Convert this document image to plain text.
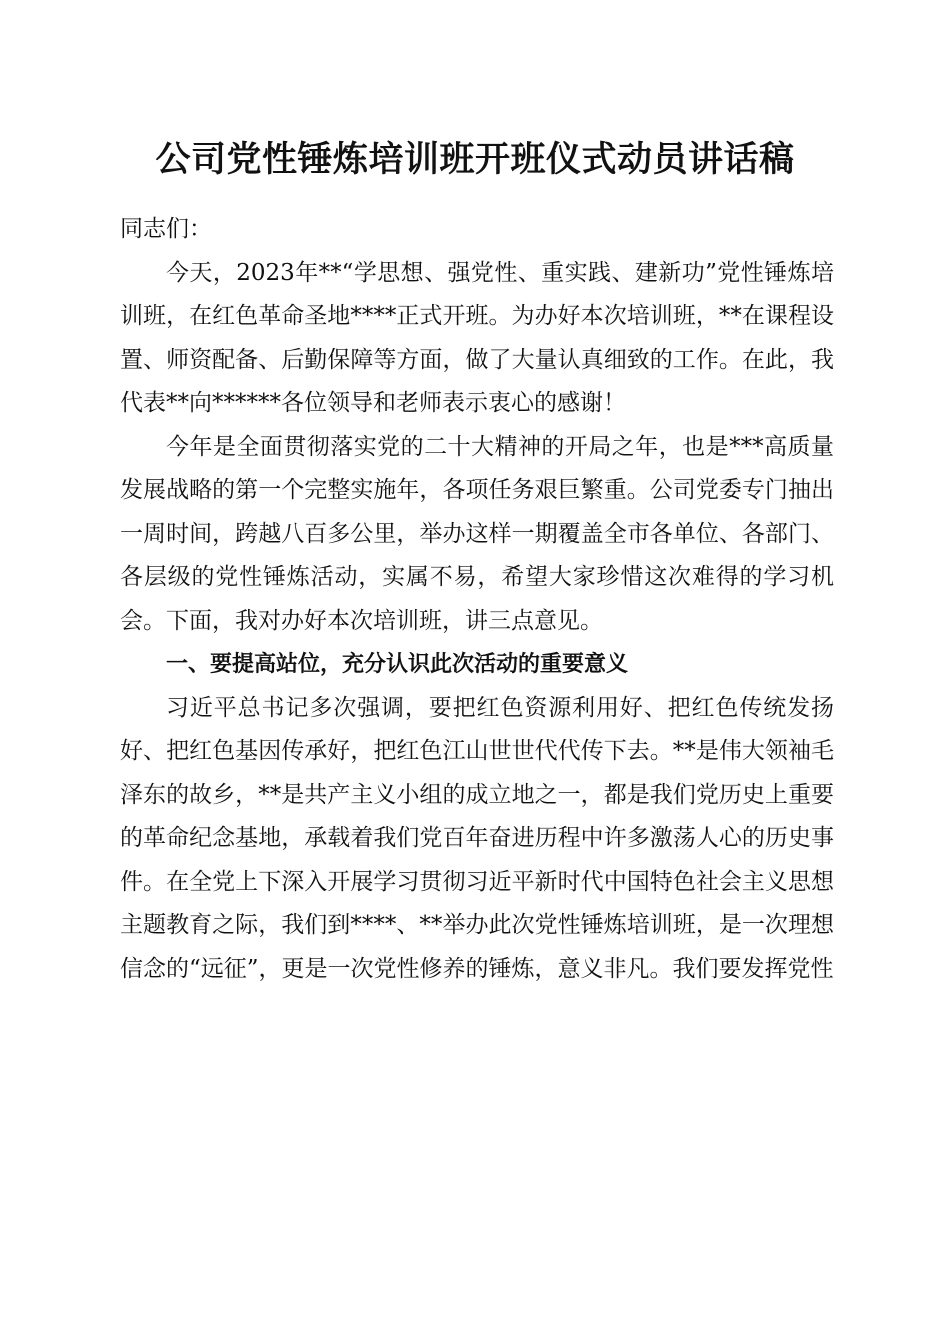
公司党性锤炼培训班开班仪式动员讲话稿

同志们：

今天，2023年**“学思想、强党性、重实践、建新功”党性锤炼培训班，在红色革命圣地****正式开班。为办好本次培训班，**在课程设置、师资配备、后勤保障等方面，做了大量认真细致的工作。在此，我代表**向******各位领导和老师表示衷心的感谢！

今年是全面贯彻落实党的二十大精神的开局之年，也是***高质量发展战略的第一个完整实施年，各项任务艰巨繁重。公司党委专门抽出一周时间，跨越八百多公里，举办这样一期覆盖全市各单位、各部门、各层级的党性锤炼活动，实属不易，希望大家珍惜这次难得的学习机会。下面，我对办好本次培训班，讲三点意见。

一、要提高站位，充分认识此次活动的重要意义

习近平总书记多次强调，要把红色资源利用好、把红色传统发扬好、把红色基因传承好，把红色江山世世代代传下去。**是伟大领袖毛泽东的故乡，**是共产主义小组的成立地之一，都是我们党历史上重要的革命纪念基地，承载着我们党百年奋进历程中许多激荡人心的历史事件。在全党上下深入开展学习贯彻习近平新时代中国特色社会主义思想主题教育之际，我们到****、**举办此次党性锤炼培训班，是一次理想信念的“远征”，更是一次党性修养的锤炼，意义非凡。我们要发挥党性
